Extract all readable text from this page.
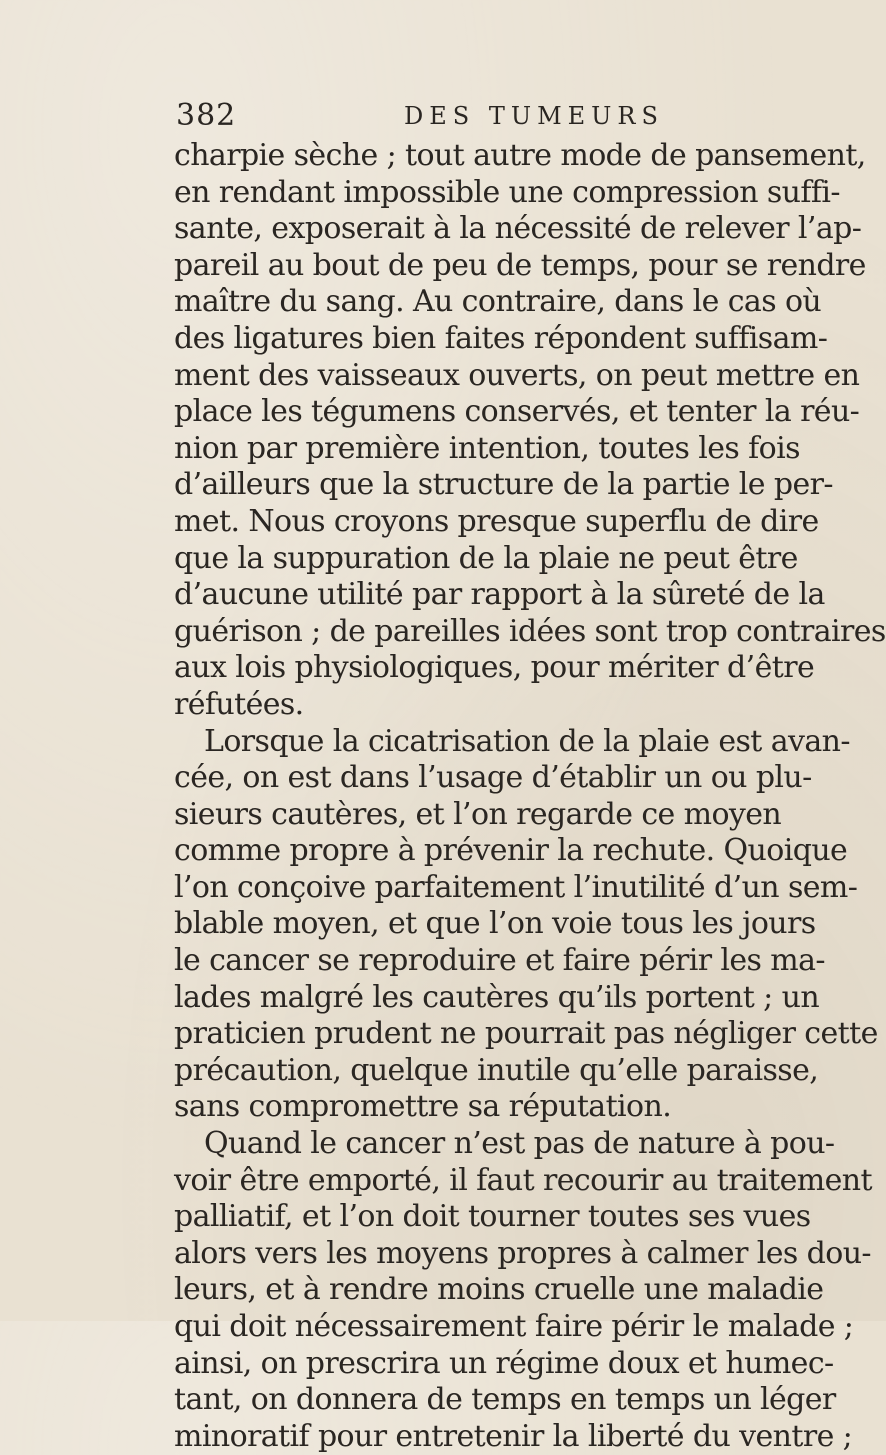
382	DES TUMEURS
charpie sèche ; tout autre mode de pansement,
en rendant impossible une compression suffi-
sante, exposerait à la nécessité de relever l’ap-
pareil au bout de peu de temps, pour se rendre
maître du sang. Au contraire, dans le cas où
des ligatures bien faites répondent suffisam-
ment des vaisseaux ouverts, on peut mettre en
place les tégumens conservés, et tenter la réu-
nion par première intention, toutes les fois
d’ailleurs que la structure de la partie le per-
met. Nous croyons presque superflu de dire
que la suppuration de la plaie ne peut être
d’aucune utilité par rapport à la sûreté de la
guérison ; de pareilles idées sont trop contraires
aux lois physiologiques, pour mériter d’être
réfutées.
Lorsque la cicatrisation de la plaie est avan-
cée, on est dans l’usage d’établir un ou plu-
sieurs cautères, et l’on regarde ce moyen
comme propre à prévenir la rechute. Quoique
l’on conçoive parfaitement l’inutilité d’un sem-
blable moyen, et que l’on voie tous les jours
le cancer se reproduire et faire périr les ma-
lades malgré les cautères qu’ils portent ; un
praticien prudent ne pourrait pas négliger cette
précaution, quelque inutile qu’elle paraisse,
sans compromettre sa réputation.
Quand le cancer n’est pas de nature à pou-
voir être emporté, il faut recourir au traitement
palliatif, et l’on doit tourner toutes ses vues
alors vers les moyens propres à calmer les dou-
leurs, et à rendre moins cruelle une maladie
qui doit nécessairement faire périr le malade ;
ainsi, on prescrira un régime doux et humec-
tant, on donnera de temps en temps un léger
minoratif pour entretenir la liberté du ventre ;
